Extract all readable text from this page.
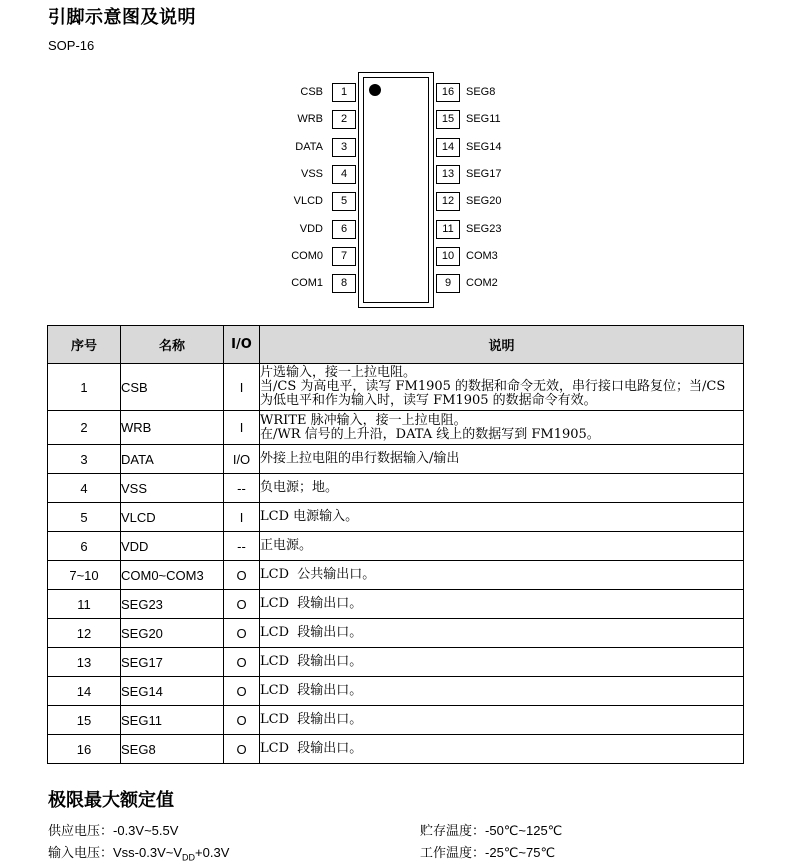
引脚示意图及说明
SOP-16
1
CSB
2
WRB
3
DATA
4
VSS
5
VLCD
6
VDD
7
COM0
8
COM1
16	SEG8
15	SEG11
14	SEG14
13	SEG17
12	SEG20
11	SEG23
10	COM3
9	COM2
序号	名称	I/O	说明
1	CSB	I	片选输入，接一上拉电阻。
当/CS 为高电平，读写 FM1905 的数据和命令无效，串行接口电路复位；当/CS
为低电平和作为输入时，读写 FM1905 的数据命令有效。

2	WRB	I	WRITE 脉冲输入，接一上拉电阻。
在/WR 信号的上升沿，DATA 线上的数据写到 FM1905。

3	DATA	I/O	外接上拉电阻的串行数据输入/输出

4	VSS	--	负电源；地。

5	VLCD	I	LCD 电源输入。

6	VDD	--	正电源。

7~10	COM0~COM3	O	LCD  公共输出口。

11	SEG23	O	LCD  段输出口。

12	SEG20	O	LCD  段输出口。

13	SEG17	O	LCD  段输出口。

14	SEG14	O	LCD  段输出口。

15	SEG11	O	LCD  段输出口。

16	SEG8	O	LCD  段输出口。
极限最大额定值
供应电压：-0.3V~5.5V
输入电压：Vss-$0.3V\sim V_{DD}+0.3V$
贮存温度：-50℃~125℃
工作温度：-25℃~75℃
